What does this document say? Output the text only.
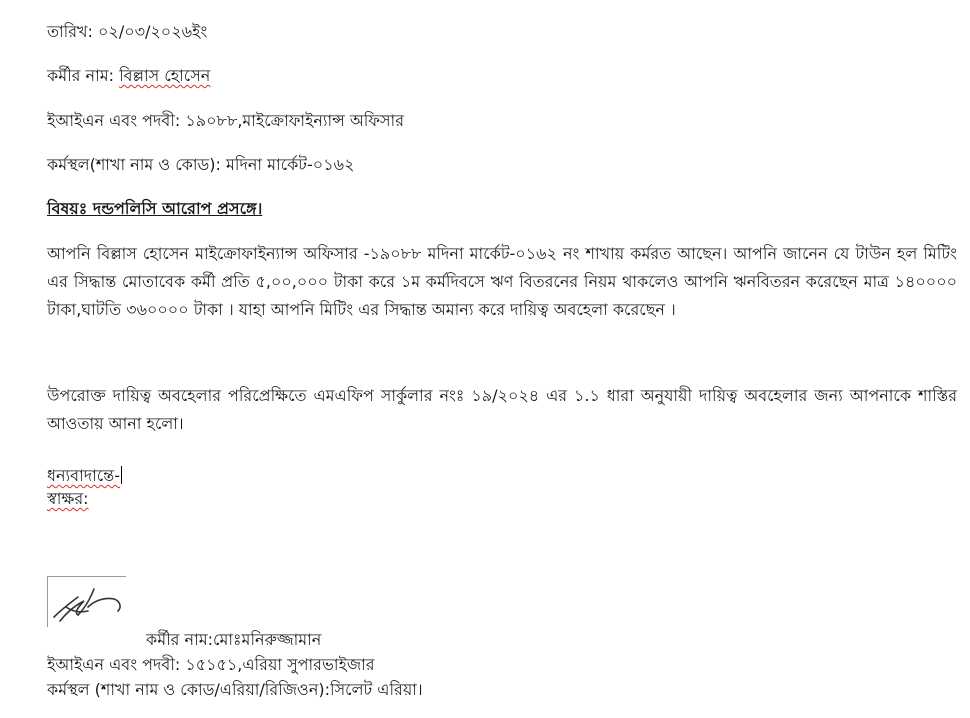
তারিখ: ০২/০৩/২০২৬ইং
কর্মীর নাম: বিল্লাস হোসেন
ইআইএন এবং পদবী: ১৯০৮৮,মাইক্রোফাইন্যান্স অফিসার
কর্মস্থল(শাখা নাম ও কোড): মদিনা মার্কেট-০১৬২
বিষয়ঃ দন্ডপলিসি আরোপ প্রসঙ্গে।
আপনি বিল্লাস হোসেন মাইক্রোফাইন্যান্স অফিসার -১৯০৮৮ মদিনা মার্কেট-০১৬২ নং শাখায় কর্মরত আছেন। আপনি জানেন যে টাউন হল মিটিং এর সিদ্ধান্ত মোতাবেক কর্মী প্রতি ৫,০০,০০০ টাকা করে ১ম কর্মদিবসে ঋণ বিতরনের নিয়ম থাকলেও আপনি ঋনবিতরন করেছেন মাত্র ১৪০০০০ টাকা,ঘাটতি ৩৬০০০০ টাকা । যাহা আপনি মিটিং এর সিদ্ধান্ত অমান্য করে দায়িত্ব অবহেলা করেছেন ।
উপরোক্ত দায়িত্ব অবহেলার পরিপ্রেক্ষিতে এমএফিপ সার্কুলার নংঃ ১৯/২০২৪ এর ১.১ ধারা অনুযায়ী দায়িত্ব অবহেলার জন্য আপনাকে শাস্তির আওতায় আনা হলো।
ধন্যবাদান্তে-
স্বাক্ষর:
কর্মীর নাম:মোঃমনিরুজ্জামান
ইআইএন এবং পদবী: ১৫১৫১,এরিয়া সুপারভাইজার
কর্মস্থল (শাখা নাম ও কোড/এরিয়া/রিজিওন):সিলেট এরিয়া।
